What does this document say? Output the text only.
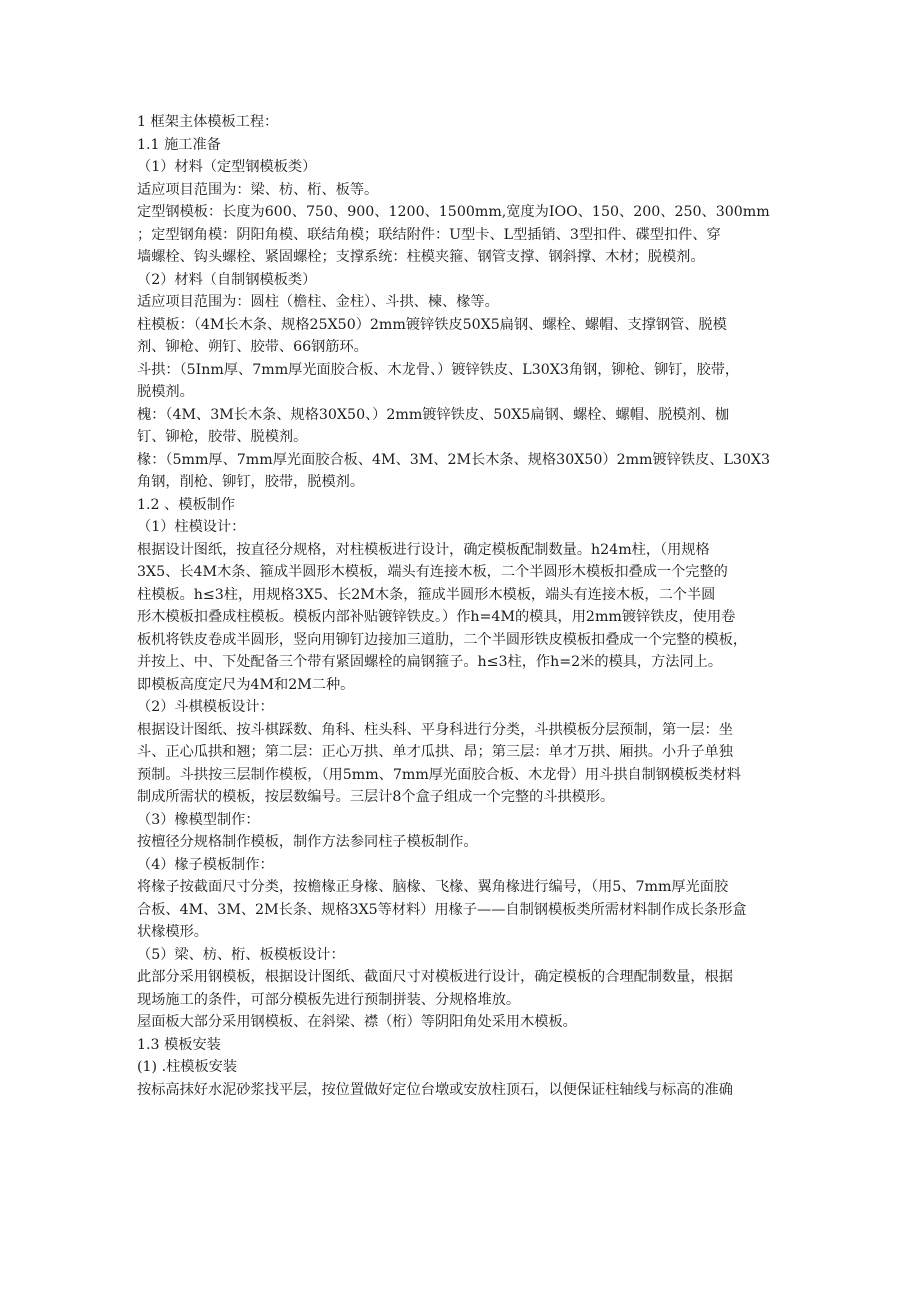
1 框架主体模板工程：
1.1 施工准备
（1）材料（定型钢模板类）
适应项目范围为：梁、枋、桁、板等。
定型钢模板：长度为600、750、900、1200、1500mm,宽度为IOO、150、200、250、300mm
；定型钢角模：阴阳角模、联结角模；联结附件：U型卡、L型插销、3型扣件、碟型扣件、穿
墙螺栓、钩头螺栓、紧固螺栓；支撑系统：柱模夹箍、钢管支撑、钢斜撑、木材；脱模剂。
（2）材料（自制钢模板类）
适应项目范围为：圆柱（檐柱、金柱）、斗拱、楝、椽等。
柱模板：（4M长木条、规格25X50）2mm镀锌铁皮50X5扁钢、螺栓、螺帽、支撑钢管、脱模
剂、铆枪、朔钉、胶带、66钢筋环。
斗拱：（5Inm厚、7mm厚光面胶合板、木龙骨、）镀锌铁皮、L30X3角钢，铆枪、铆钉，胶带，
脱模剂。
槐：（4M、3M长木条、规格30X50、）2mm镀锌铁皮、50X5扁钢、螺栓、螺帽、脱模剂、枷
钉、铆枪，胶带、脱模剂。
椽：（5mm厚、7mm厚光面胶合板、4M、3M、2M长木条、规格30X50）2mm镀锌铁皮、L30X3
角钢，削枪、铆钉，胶带，脱模剂。
1.2 、模板制作
（1）柱模设计：
根据设计图纸，按直径分规格，对柱模板进行设计，确定模板配制数量。h24m柱，（用规格
3X5、长4M木条、箍成半圆形木模板，端头有连接木板，二个半圆形木模板扣叠成一个完整的
柱模板。h≤3柱，用规格3X5、长2M木条，箍成半圆形木模板，端头有连接木板，二个半圆
形木模板扣叠成柱模板。模板内部补贴镀锌铁皮。）作h=4M的模具，用2mm镀锌铁皮，使用卷
板机将铁皮卷成半圆形，竖向用铆钉边接加三道肋，二个半圆形铁皮模板扣叠成一个完整的模板，
并按上、中、下处配备三个带有紧固螺栓的扁钢箍子。h≤3柱，作h=2米的模具，方法同上。
即模板高度定尺为4M和2M二种。
（2）斗棋模板设计：
根据设计图纸、按斗棋踩数、角科、柱头科、平身科进行分类，斗拱模板分层预制，第一层：坐
斗、正心瓜拱和翘；第二层：正心万拱、单才瓜拱、昂；第三层：单才万拱、厢拱。小升子单独
预制。斗拱按三层制作模板，（用5mm、7mm厚光面胶合板、木龙骨）用斗拱自制钢模板类材料
制成所需状的模板，按层数编号。三层计8个盒子组成一个完整的斗拱模形。
（3）橡模型制作：
按檀径分规格制作模板，制作方法参同柱子模板制作。
（4）椽子模板制作：
将椽子按截面尺寸分类，按檐椽正身椽、脑椽、飞椽、翼角椽进行编号，（用5、7mm厚光面胶
合板、4M、3M、2M长条、规格3X5等材料）用椽子——自制钢模板类所需材料制作成长条形盒
状椽模形。
（5）梁、枋、桁、板模板设计：
此部分采用钢模板，根据设计图纸、截面尺寸对模板进行设计，确定模板的合理配制数量，根据
现场施工的条件，可部分模板先进行预制拼装、分规格堆放。
屋面板大部分采用钢模板、在斜梁、襟（桁）等阴阳角处采用木模板。
1.3 模板安装
(1) .柱模板安装
按标高抹好水泥砂浆找平层，按位置做好定位台墩或安放柱顶石，以便保证柱轴线与标高的准确
